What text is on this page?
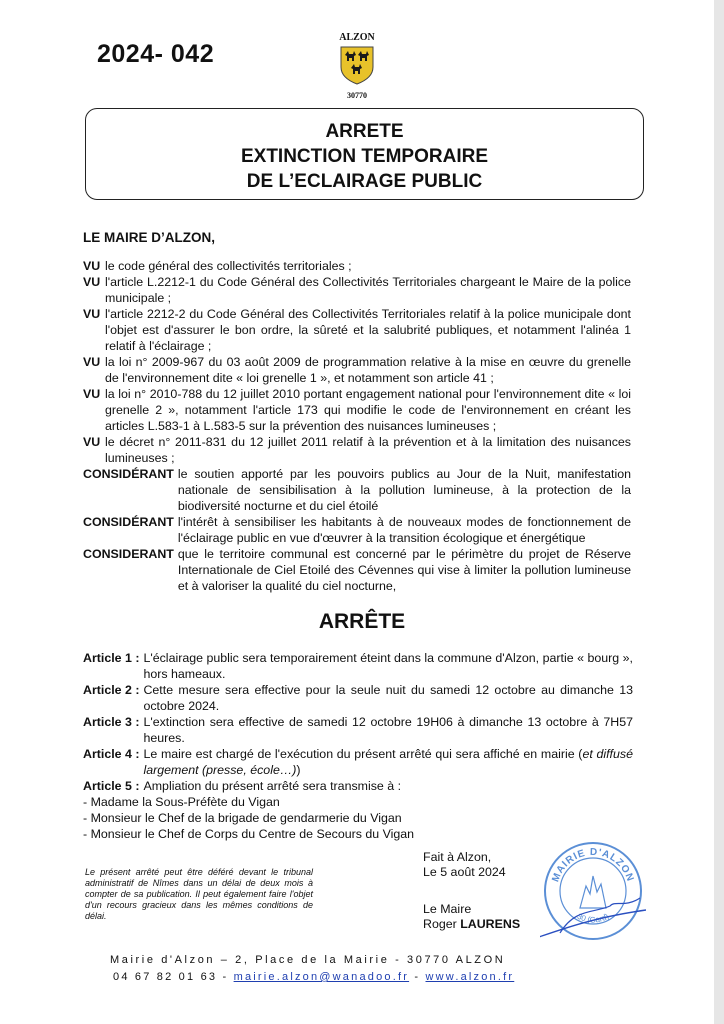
2024- 042
ALZON
30770
ARRETE
EXTINCTION TEMPORAIRE
DE L’ECLAIRAGE PUBLIC
LE MAIRE D’ALZON,
VU le code général des collectivités territoriales ;
VU l'article L.2212-1 du Code Général des Collectivités Territoriales chargeant le Maire de la police municipale ;
VU l'article 2212-2 du Code Général des Collectivités Territoriales relatif à la police municipale dont l'objet est d'assurer le bon ordre, la sûreté et la salubrité publiques, et notamment l'alinéa 1 relatif à l'éclairage ;
VU la loi n° 2009-967 du 03 août 2009 de programmation relative à la mise en œuvre du grenelle de l'environnement dite « loi grenelle 1 », et notamment son article 41 ;
VU la loi n° 2010-788 du 12 juillet 2010 portant engagement national pour l'environnement dite « loi grenelle 2 », notamment l'article 173 qui modifie le code de l'environnement en créant les articles L.583-1 à L.583-5 sur la prévention des nuisances lumineuses ;
VU le décret n° 2011-831 du 12 juillet 2011 relatif à la prévention et à la limitation des nuisances lumineuses ;
CONSIDÉRANT le soutien apporté par les pouvoirs publics au Jour de la Nuit, manifestation nationale de sensibilisation à la pollution lumineuse, à la protection de la biodiversité nocturne et du ciel étoilé
CONSIDÉRANT l'intérêt à sensibiliser les habitants à de nouveaux modes de fonctionnement de l'éclairage public en vue d'œuvrer à la transition écologique et énergétique
CONSIDERANT que le territoire communal est concerné par le périmètre du projet de Réserve Internationale de Ciel Etoilé des Cévennes qui vise à limiter la pollution lumineuse et à valoriser la qualité du ciel nocturne,
ARRÊTE
Article 1 : L'éclairage public sera temporairement éteint dans la commune d'Alzon, partie « bourg », hors hameaux.
Article 2 : Cette mesure sera effective pour la seule nuit du samedi 12 octobre au dimanche 13 octobre 2024.
Article 3 : L'extinction sera effective de samedi 12 octobre 19H06 à dimanche 13 octobre à 7H57 heures.
Article 4 : Le maire est chargé de l'exécution du présent arrêté qui sera affiché en mairie (et diffusé largement (presse, école…))
Article 5 : Ampliation du présent arrêté sera transmise à :
- Madame la Sous-Préfète du Vigan
- Monsieur le Chef de la brigade de gendarmerie du Vigan
- Monsieur le Chef de Corps du Centre de Secours du Vigan
Le présent arrêté peut être déféré devant le tribunal administratif de Nîmes dans un délai de deux mois à compter de sa publication. Il peut également faire l'objet d'un recours gracieux dans les mêmes conditions de délai.
MAIRIE D'ALZON
30 (Gard)
Fait à Alzon,
Le 5 août 2024
Le Maire
Roger LAURENS
Mairie d'Alzon – 2, Place de la Mairie - 30770 ALZON
04 67 82 01 63 - mairie.alzon@wanadoo.fr - www.alzon.fr
